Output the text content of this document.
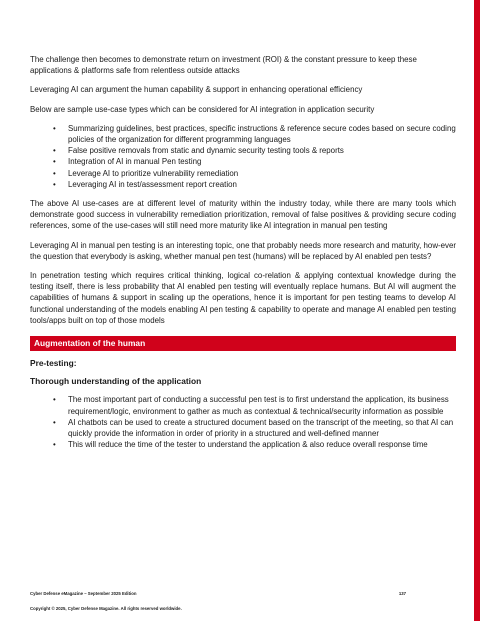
The challenge then becomes to demonstrate return on investment (ROI) & the constant pressure to keep these applications & platforms safe from relentless outside attacks

Leveraging AI can argument the human capability & support in enhancing operational efficiency

Below are sample use-case types which can be considered for AI integration in application security

• Summarizing guidelines, best practices, specific instructions & reference secure codes based on secure coding policies of the organization for different programming languages
• False positive removals from static and dynamic security testing tools & reports
• Integration of AI in manual Pen testing
• Leverage AI to prioritize vulnerability remediation
• Leveraging AI in test/assessment report creation

The above AI use-cases are at different level of maturity within the industry today, while there are many tools which demonstrate good success in vulnerability remediation prioritization, removal of false positives & providing secure coding references, some of the use-cases will still need more maturity like AI integration in manual pen testing

Leveraging AI in manual pen testing is an interesting topic, one that probably needs more research and maturity, how-ever the question that everybody is asking, whether manual pen test (humans) will be replaced by AI enabled pen tests?

In penetration testing which requires critical thinking, logical co-relation & applying contextual knowledge during the testing itself, there is less probability that AI enabled pen testing will eventually replace humans. But AI will augment the capabilities of humans & support in scaling up the operations, hence it is important for pen testing teams to develop AI functional understanding of the models enabling AI pen testing & capability to operate and manage AI enabled pen testing tools/apps built on top of those models

Augmentation of the human
Pre-testing:
Thorough understanding of the application
• The most important part of conducting a successful pen test is to first understand the application, its business requirement/logic, environment to gather as much as contextual & technical/security information as possible
• AI chatbots can be used to create a structured document based on the transcript of the meeting, so that AI can quickly provide the information in order of priority in a structured and well-defined manner
• This will reduce the time of the tester to understand the application & also reduce overall response time
Cyber Defense eMagazine – September 2025 Edition	137
Copyright © 2025, Cyber Defense Magazine. All rights reserved worldwide.
